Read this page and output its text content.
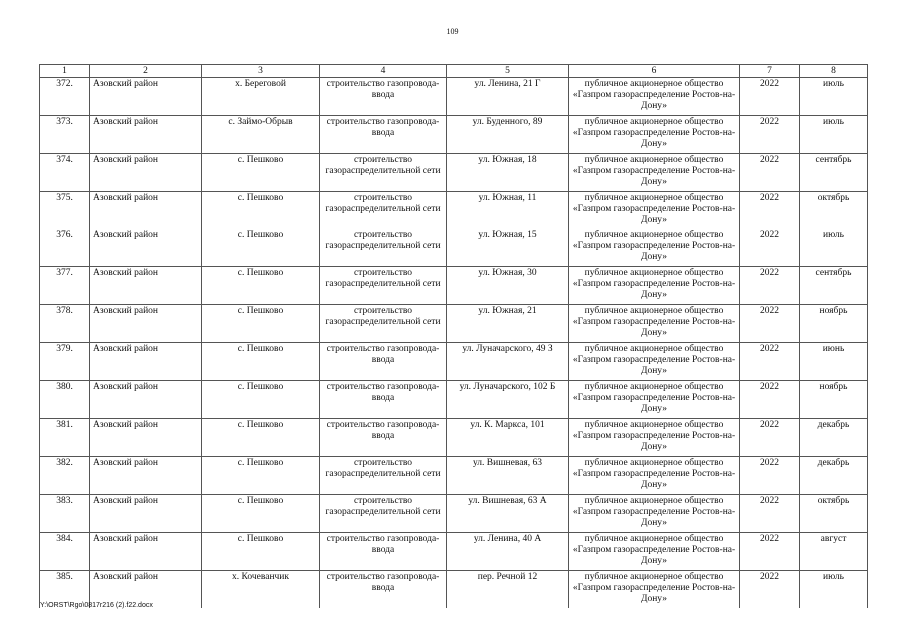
109
1	2	3	4	5	6	7	8
372.	Азовский район	х. Береговой	строительство газопровода-ввода	ул. Ленина, 21 Г	публичное акционерное общество «Газпром газораспределение Ростов-на-Дону»	2022	июль
373.	Азовский район	с. Займо-Обрыв	строительство газопровода-ввода	ул. Буденного, 89	публичное акционерное общество «Газпром газораспределение Ростов-на-Дону»	2022	июль
374.	Азовский район	с. Пешково	строительство газораспределительной сети	ул. Южная, 18	публичное акционерное общество «Газпром газораспределение Ростов-на-Дону»	2022	сентябрь
375.	Азовский район	с. Пешково	строительство газораспределительной сети	ул. Южная, 11	публичное акционерное общество «Газпром газораспределение Ростов-на-Дону»	2022	октябрь
376.	Азовский район	с. Пешково	строительство газораспределительной сети	ул. Южная, 15	публичное акционерное общество «Газпром газораспределение Ростов-на-Дону»	2022	июль
377.	Азовский район	с. Пешково	строительство газораспределительной сети	ул. Южная, 30	публичное акционерное общество «Газпром газораспределение Ростов-на-Дону»	2022	сентябрь
378.	Азовский район	с. Пешково	строительство газораспределительной сети	ул. Южная, 21	публичное акционерное общество «Газпром газораспределение Ростов-на-Дону»	2022	ноябрь
379.	Азовский район	с. Пешково	строительство газопровода-ввода	ул. Луначарского, 49 З	публичное акционерное общество «Газпром газораспределение Ростов-на-Дону»	2022	июнь
380.	Азовский район	с. Пешково	строительство газопровода-ввода	ул. Луначарского, 102 Б	публичное акционерное общество «Газпром газораспределение Ростов-на-Дону»	2022	ноябрь
381.	Азовский район	с. Пешково	строительство газопровода-ввода	ул. К. Маркса, 101	публичное акционерное общество «Газпром газораспределение Ростов-на-Дону»	2022	декабрь
382.	Азовский район	с. Пешково	строительство газораспределительной сети	ул. Вишневая, 63	публичное акционерное общество «Газпром газораспределение Ростов-на-Дону»	2022	декабрь
383.	Азовский район	с. Пешково	строительство газораспределительной сети	ул. Вишневая, 63 А	публичное акционерное общество «Газпром газораспределение Ростов-на-Дону»	2022	октябрь
384.	Азовский район	с. Пешково	строительство газопровода-ввода	ул. Ленина, 40 А	публичное акционерное общество «Газпром газораспределение Ростов-на-Дону»	2022	август
385.	Азовский район	х. Кочеванчик	строительство газопровода-ввода	пер. Речной 12	публичное акционерное общество «Газпром газораспределение Ростов-на-Дону»	2022	июль
Y:\ORST\Rgo\0817r216 (2).f22.docx
